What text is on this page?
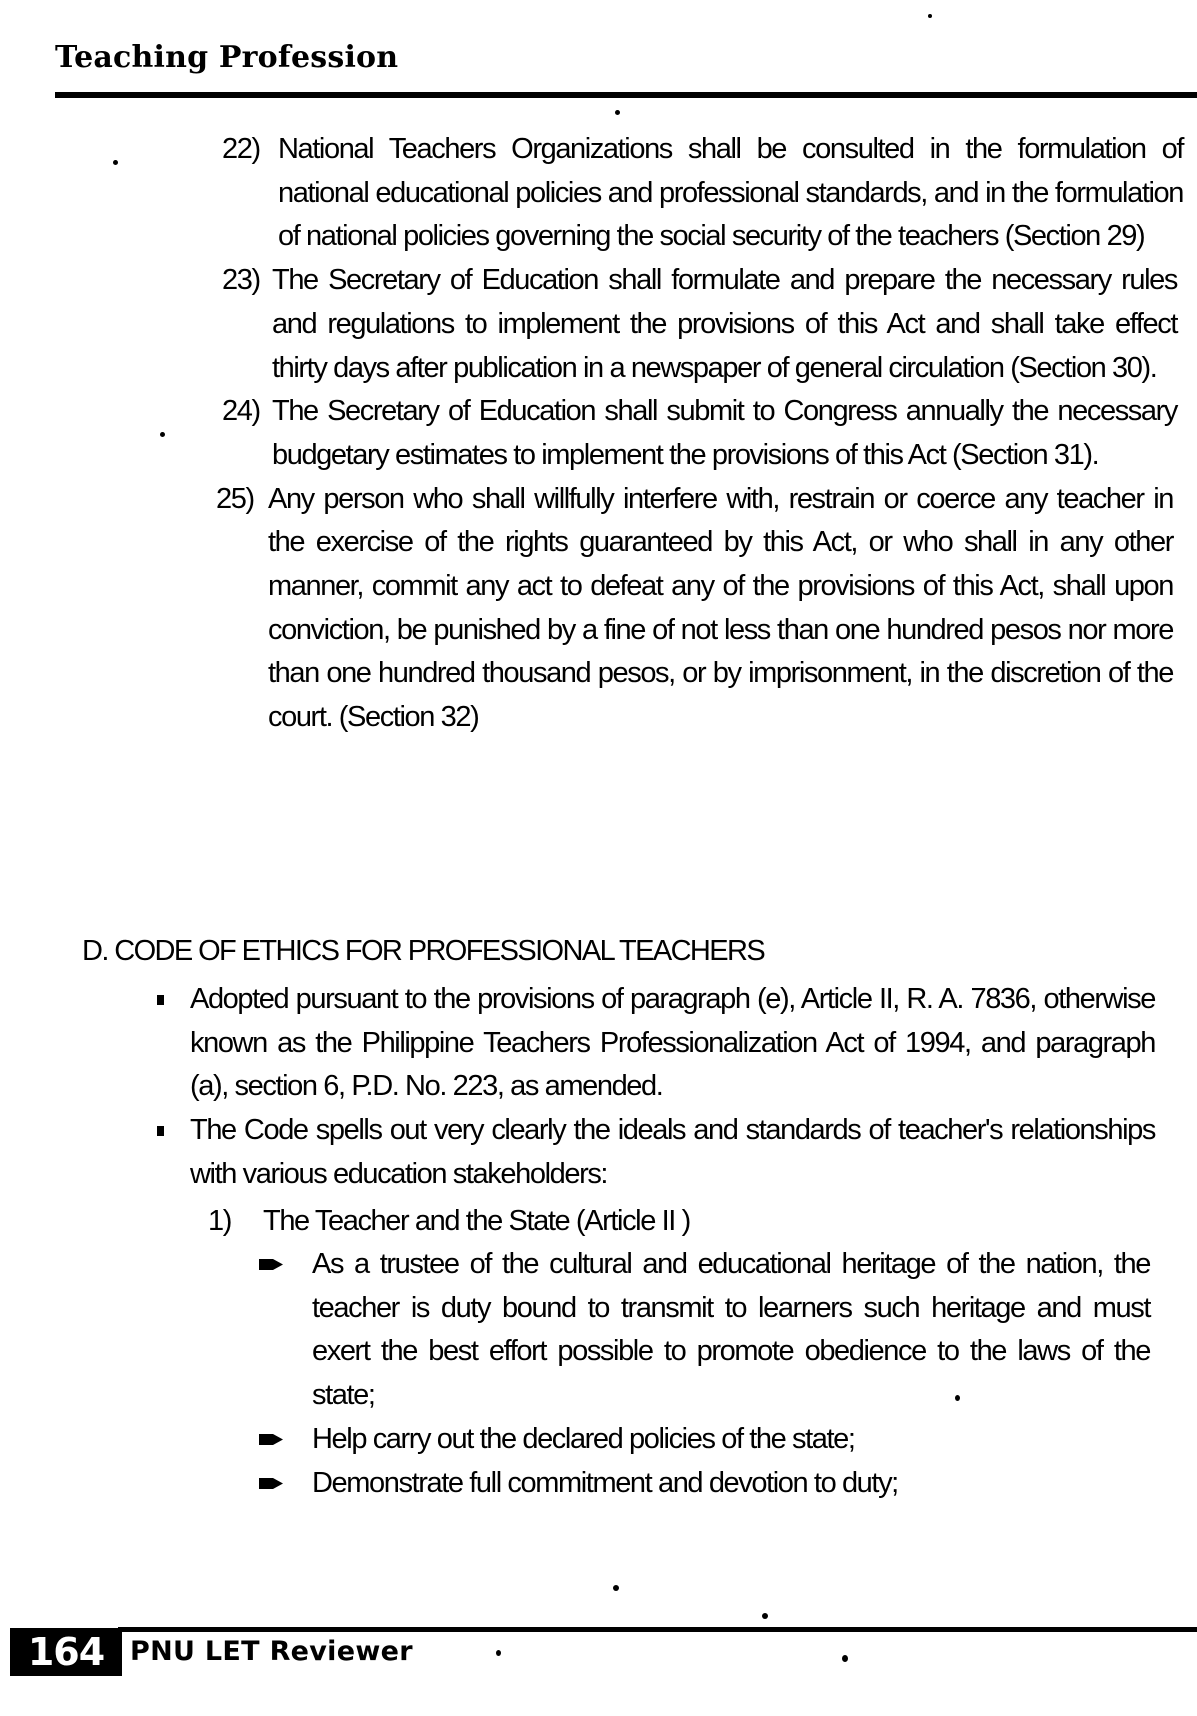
Teaching Profession
22) National Teachers Organizations shall be consulted in the formulation of national educational policies and professional standards, and in the formulation of national policies governing the social security of the teachers (Section 29)
23) The Secretary of Education shall formulate and prepare the necessary rules and regulations to implement the provisions of this Act and shall take effect thirty days after publication in a newspaper of general circulation (Section 30).
24) The Secretary of Education shall submit to Congress annually the necessary budgetary estimates to implement the provisions of this Act (Section 31).
25) Any person who shall willfully interfere with, restrain or coerce any teacher in the exercise of the rights guaranteed by this Act, or who shall in any other manner, commit any act to defeat any of the provisions of this Act, shall upon conviction, be punished by a fine of not less than one hundred pesos nor more than one hundred thousand pesos, or by imprisonment, in the discretion of the court. (Section 32)
D. CODE OF ETHICS FOR PROFESSIONAL TEACHERS
Adopted pursuant to the provisions of paragraph (e), Article II, R. A. 7836, otherwise known as the Philippine Teachers Professionalization Act of 1994, and paragraph (a), section 6, P.D. No. 223, as amended.
The Code spells out very clearly the ideals and standards of teacher's relationships with various education stakeholders:
1) The Teacher and the State (Article II )
As a trustee of the cultural and educational heritage of the nation, the teacher is duty bound to transmit to learners such heritage and must exert the best effort possible to promote obedience to the laws of the state;
Help carry out the declared policies of the state;
Demonstrate full commitment and devotion to duty;
164 PNU LET Reviewer
